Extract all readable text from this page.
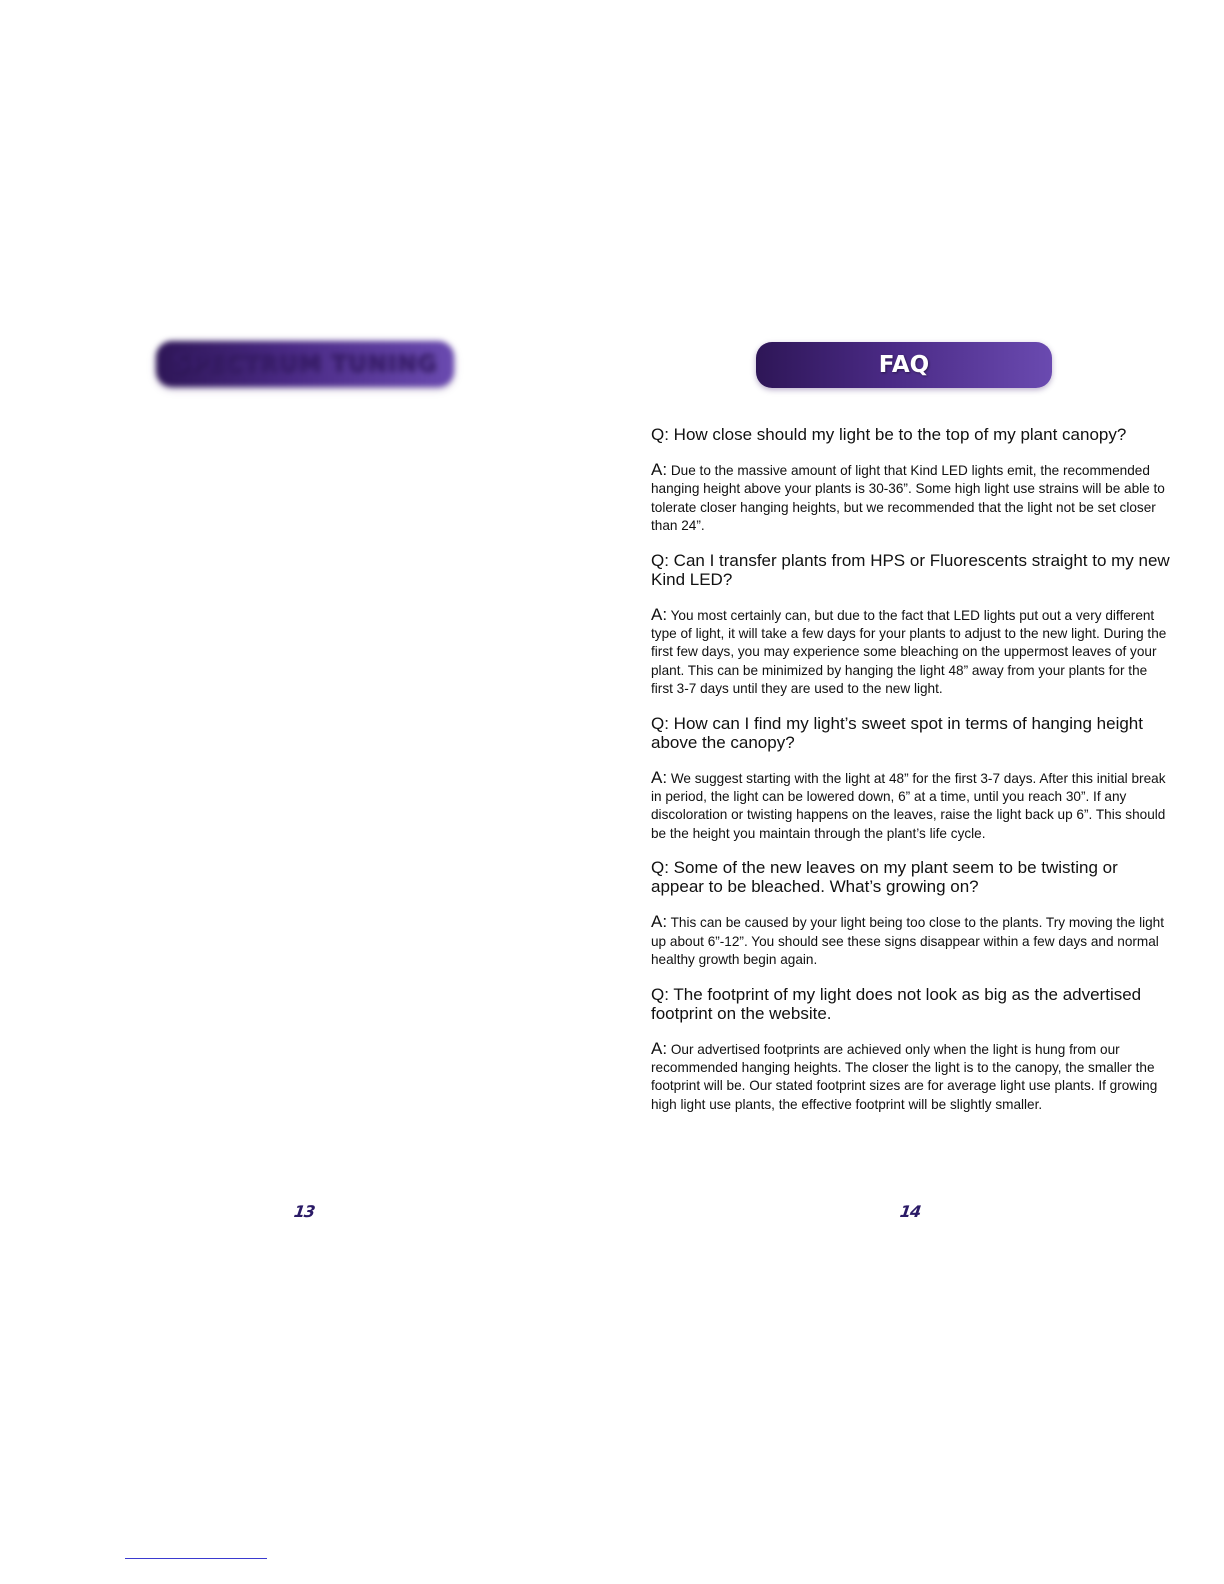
SPECTRUM TUNING	FAQ

Q: How close should my light be to the top of my plant canopy?

A: Due to the massive amount of light that Kind LED lights emit, the recommended hanging height above your plants is 30-36”. Some high light use strains will be able to tolerate closer hanging heights, but we recommended that the light not be set closer than 24”.

Q: Can I transfer plants from HPS or Fluorescents straight to my new Kind LED?

A: You most certainly can, but due to the fact that LED lights put out a very different type of light, it will take a few days for your plants to adjust to the new light. During the first few days, you may experience some bleaching on the uppermost leaves of your plant. This can be minimized by hanging the light 48” away from your plants for the first 3-7 days until they are used to the new light.

Q: How can I find my light’s sweet spot in terms of hanging height above the canopy?

A: We suggest starting with the light at 48” for the first 3-7 days. After this initial break in period, the light can be lowered down, 6” at a time, until you reach 30”. If any discoloration or twisting happens on the leaves, raise the light back up 6”. This should be the height you maintain through the plant’s life cycle.

Q: Some of the new leaves on my plant seem to be twisting or appear to be bleached. What’s growing on?

A: This can be caused by your light being too close to the plants. Try moving the light up about 6”-12”. You should see these signs disappear within a few days and normal healthy growth begin again.

Q: The footprint of my light does not look as big as the advertised footprint on the website.

A: Our advertised footprints are achieved only when the light is hung from our recommended hanging heights. The closer the light is to the canopy, the smaller the footprint will be. Our stated footprint sizes are for average light use plants. If growing high light use plants, the effective footprint will be slightly smaller.

13	14
